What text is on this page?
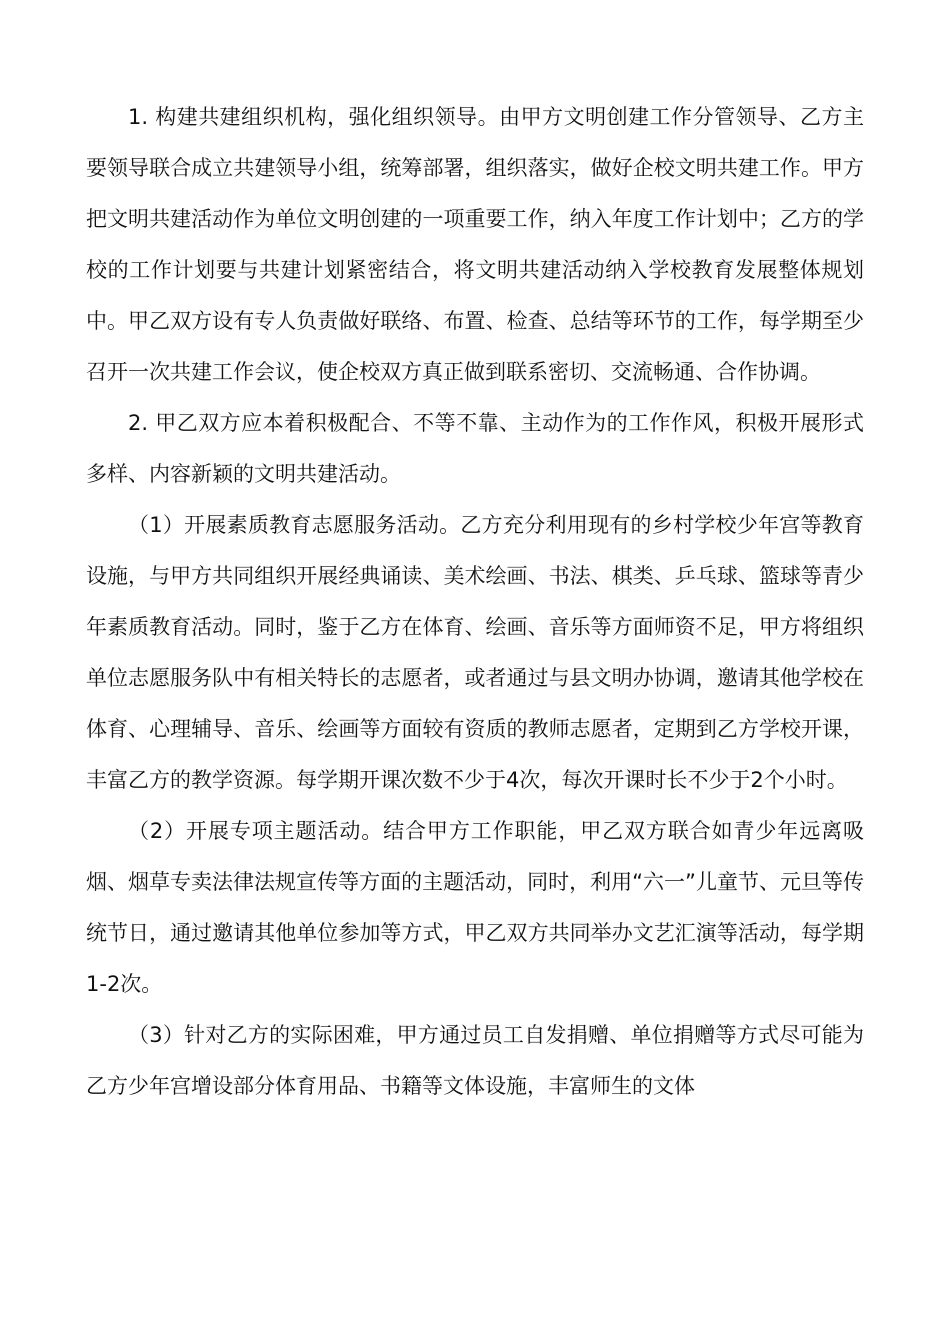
1. 构建共建组织机构，强化组织领导。由甲方文明创建工作分管领导、乙方主要领导联合成立共建领导小组，统筹部署，组织落实，做好企校文明共建工作。甲方把文明共建活动作为单位文明创建的一项重要工作，纳入年度工作计划中；乙方的学校的工作计划要与共建计划紧密结合，将文明共建活动纳入学校教育发展整体规划中。甲乙双方设有专人负责做好联络、布置、检查、总结等环节的工作，每学期至少召开一次共建工作会议，使企校双方真正做到联系密切、交流畅通、合作协调。

2. 甲乙双方应本着积极配合、不等不靠、主动作为的工作作风，积极开展形式多样、内容新颖的文明共建活动。

（1）开展素质教育志愿服务活动。乙方充分利用现有的乡村学校少年宫等教育设施，与甲方共同组织开展经典诵读、美术绘画、书法、棋类、乒乓球、篮球等青少年素质教育活动。同时，鉴于乙方在体育、绘画、音乐等方面师资不足，甲方将组织单位志愿服务队中有相关特长的志愿者，或者通过与县文明办协调，邀请其他学校在体育、心理辅导、音乐、绘画等方面较有资质的教师志愿者，定期到乙方学校开课，丰富乙方的教学资源。每学期开课次数不少于4次，每次开课时长不少于2个小时。

（2）开展专项主题活动。结合甲方工作职能，甲乙双方联合如青少年远离吸烟、烟草专卖法律法规宣传等方面的主题活动，同时，利用“六一”儿童节、元旦等传统节日，通过邀请其他单位参加等方式，甲乙双方共同举办文艺汇演等活动，每学期1-2次。

（3）针对乙方的实际困难，甲方通过员工自发捐赠、单位捐赠等方式尽可能为乙方少年宫增设部分体育用品、书籍等文体设施，丰富师生的文体
